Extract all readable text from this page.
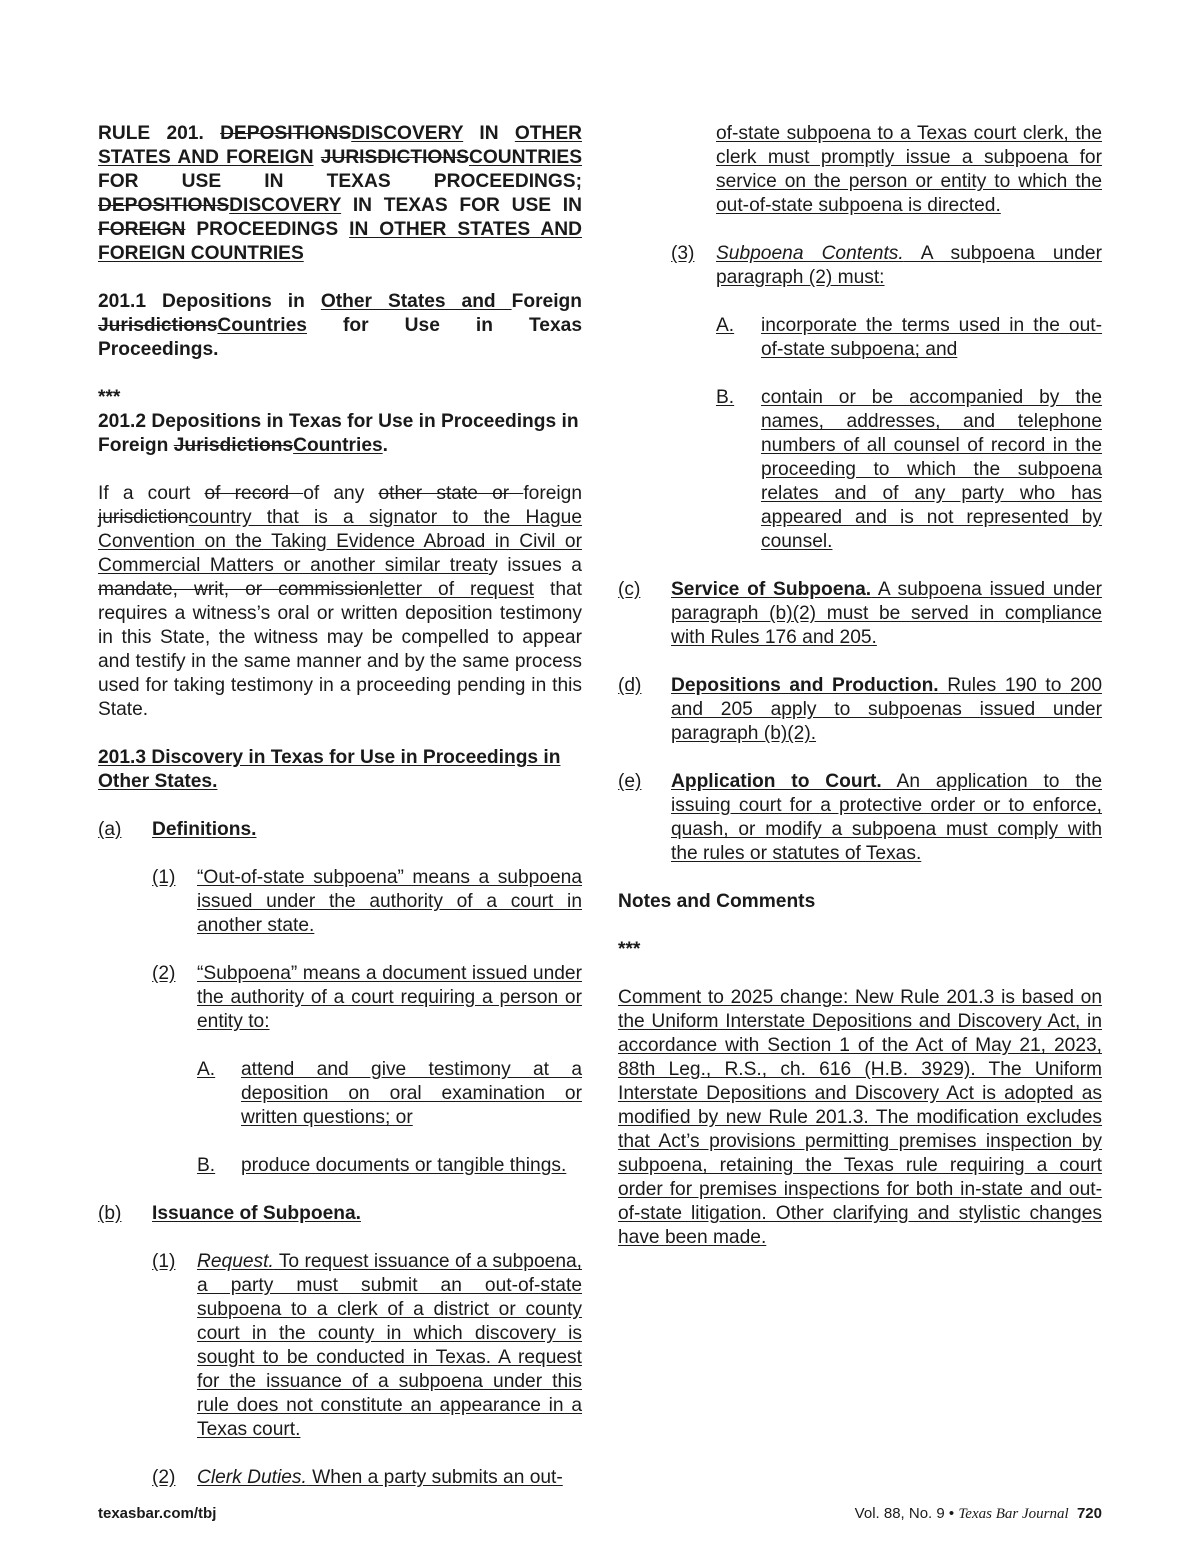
RULE 201. DEPOSITIONSDISCOVERY IN OTHER STATES AND FOREIGN JURISDICTIONSCOUNTRIES FOR USE IN TEXAS PROCEEDINGS; DEPOSITIONSDISCOVERY IN TEXAS FOR USE IN FOREIGN PROCEEDINGS IN OTHER STATES AND FOREIGN COUNTRIES

201.1 Depositions in Other States and Foreign JurisdictionsCountries for Use in Texas Proceedings.

***

201.2 Depositions in Texas for Use in Proceedings in Foreign JurisdictionsCountries.

If a court of record of any other state or foreign jurisdictioncountry that is a signator to the Hague Convention on the Taking Evidence Abroad in Civil or Commercial Matters or another similar treaty issues a mandate, writ, or commissionletter of request that requires a witness’s oral or written deposition testimony in this State, the witness may be compelled to appear and testify in the same manner and by the same process used for taking testimony in a proceeding pending in this State.

201.3 Discovery in Texas for Use in Proceedings in Other States.

(a)	Definitions.
(1)	“Out-of-state subpoena” means a subpoena issued under the authority of a court in another state.
(2)	“Subpoena” means a document issued under the authority of a court requiring a person or entity to:
A.	attend and give testimony at a deposition on oral examination or written questions; or
B.	produce documents or tangible things.
(b)	Issuance of Subpoena.
(1)	Request. To request issuance of a subpoena, a party must submit an out-of-state subpoena to a clerk of a district or county court in the county in which discovery is sought to be conducted in Texas. A request for the issuance of a subpoena under this rule does not constitute an appearance in a Texas court.
(2)	Clerk Duties. When a party submits an out-

of-state subpoena to a Texas court clerk, the clerk must promptly issue a subpoena for service on the person or entity to which the out-of-state subpoena is directed.

(3)	Subpoena Contents. A subpoena under paragraph (2) must:
A.	incorporate the terms used in the out-of-state subpoena; and
B.	contain or be accompanied by the names, addresses, and telephone numbers of all counsel of record in the proceeding to which the subpoena relates and of any party who has appeared and is not represented by counsel.
(c)	Service of Subpoena. A subpoena issued under paragraph (b)(2) must be served in compliance with Rules 176 and 205.
(d)	Depositions and Production. Rules 190 to 200 and 205 apply to subpoenas issued under paragraph (b)(2).
(e)	Application to Court. An application to the issuing court for a protective order or to enforce, quash, or modify a subpoena must comply with the rules or statutes of Texas.

Notes and Comments

***

Comment to 2025 change: New Rule 201.3 is based on the Uniform Interstate Depositions and Discovery Act, in accordance with Section 1 of the Act of May 21, 2023, 88th Leg., R.S., ch. 616 (H.B. 3929). The Uniform Interstate Depositions and Discovery Act is adopted as modified by new Rule 201.3. The modification excludes that Act’s provisions permitting premises inspection by subpoena, retaining the Texas rule requiring a court order for premises inspections for both in-state and out-of-state litigation. Other clarifying and stylistic changes have been made.

texasbar.com/tbj	Vol. 88, No. 9 • Texas Bar Journal 720
